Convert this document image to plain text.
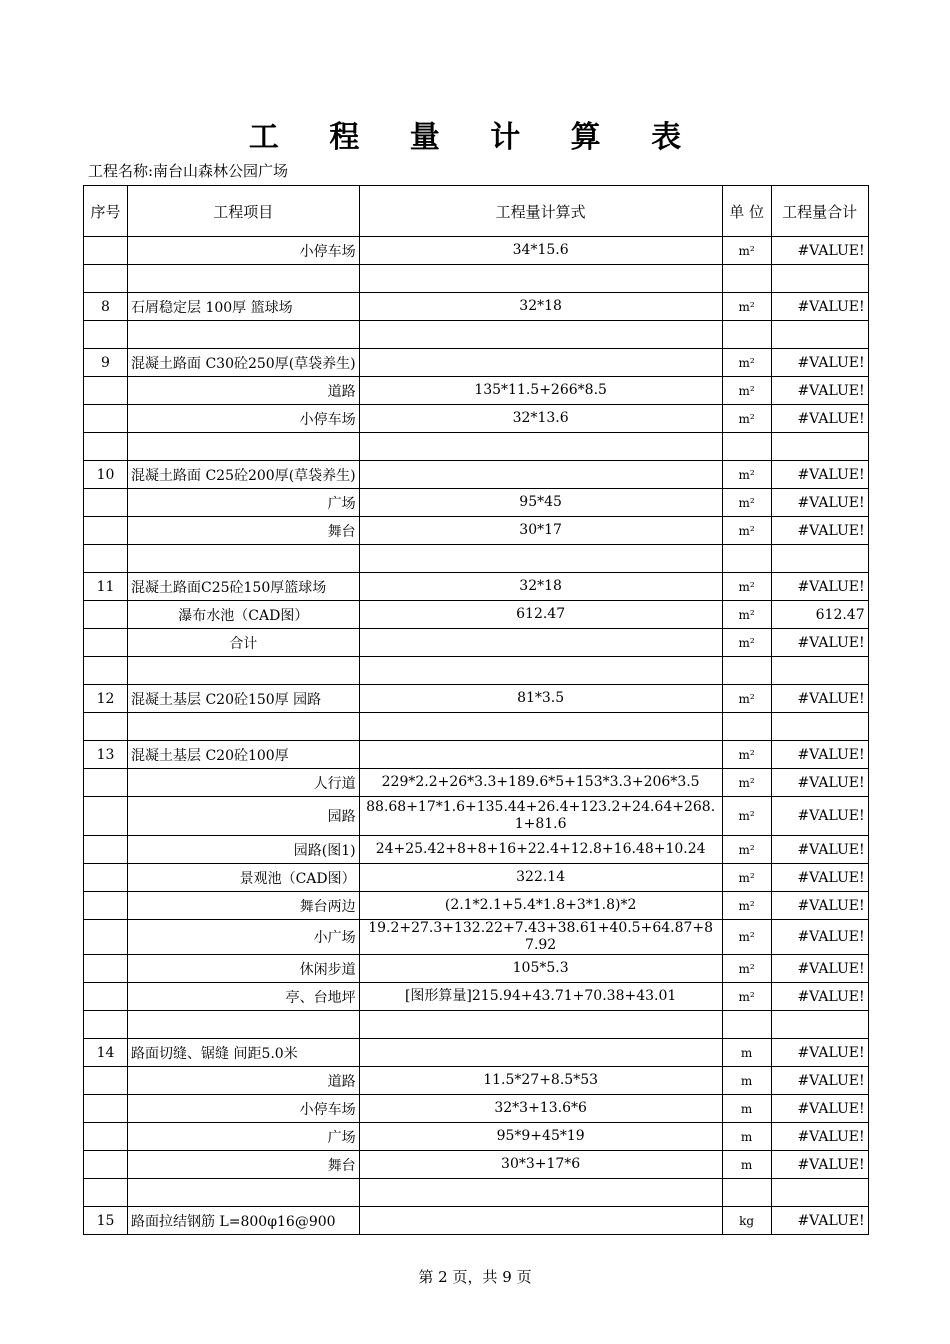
工 程 量 计 算 表
工程名称:南台山森林公园广场
序号	工程项目	工程量计算式	单 位	工程量合计
	小停车场	34*15.6	m²	#VALUE!

8	石屑稳定层 100厚 篮球场	32*18	m²	#VALUE!

9	混凝土路面 C30砼250厚(草袋养生)		m²	#VALUE!
	道路	135*11.5+266*8.5	m²	#VALUE!
	小停车场	32*13.6	m²	#VALUE!

10	混凝土路面 C25砼200厚(草袋养生)		m²	#VALUE!
	广场	95*45	m²	#VALUE!
	舞台	30*17	m²	#VALUE!

11	混凝土路面C25砼150厚篮球场	32*18	m²	#VALUE!
	瀑布水池（CAD图）	612.47	m²	612.47
	合计		m²	#VALUE!

12	混凝土基层 C20砼150厚 园路	81*3.5	m²	#VALUE!

13	混凝土基层 C20砼100厚		m²	#VALUE!
	人行道	229*2.2+26*3.3+189.6*5+153*3.3+206*3.5	m²	#VALUE!
	园路	88.68+17*1.6+135.44+26.4+123.2+24.64+268.1+81.6	m²	#VALUE!
	园路(图1)	24+25.42+8+8+16+22.4+12.8+16.48+10.24	m²	#VALUE!
	景观池（CAD图）	322.14	m²	#VALUE!
	舞台两边	(2.1*2.1+5.4*1.8+3*1.8)*2	m²	#VALUE!
	小广场	19.2+27.3+132.22+7.43+38.61+40.5+64.87+87.92	m²	#VALUE!
	休闲步道	105*5.3	m²	#VALUE!
	亭、台地坪	[图形算量]215.94+43.71+70.38+43.01	m²	#VALUE!

14	路面切缝、锯缝 间距5.0米		m	#VALUE!
	道路	11.5*27+8.5*53	m	#VALUE!
	小停车场	32*3+13.6*6	m	#VALUE!
	广场	95*9+45*19	m	#VALUE!
	舞台	30*3+17*6	m	#VALUE!

15	路面拉结钢筋 L=800φ16@900		kg	#VALUE!
第 2 页，共 9 页
